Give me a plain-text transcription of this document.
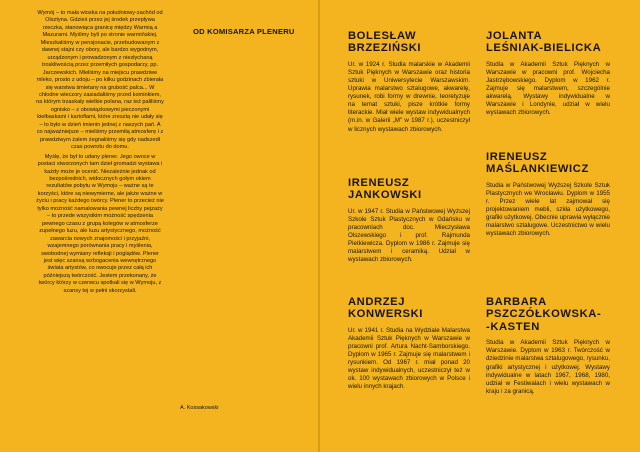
Wymój – to mała wioska na południowy-zachód od Olsztyna. Gdzieś przez jej środek przepływa rzeczka, stanowiąca granicę między Warmią a Mazurami. Myślmy byli po stronie warmińskiej. Mieszkaliśmy w pensjonacie, przebudowanym z dawnej stajni czy obory, ale bardzo wygodnym, urządzonym i prowadzonym z niezłychaną troskliwością przez przemiłych gospodarzy, pp. Jarczewskich. Mieliśmy na miejscu prawdziwe mleko, prosto z udoju – po kilku godzinach zbierała się warstwa śmietany na grubość palca... W chłodne wieczory zasiadaliśmy przed kominkiem, na którym trzaskały wielkie polana, raz też paliliśmy ognisko – z obowiązkowymi pieczonymi kiełbaskami i kartoflami, które zresztą nie udały się – to było w dzień imienin jednej z naszych pań. A co najważniejsze – mieliśmy przemiłą atmosferę i z prawdziwym żalem żegnaliśmy się gdy nadszedł czas powrotu do domu.

Myślę, że był to udany plener. Jego owoce w postaci stworzonych tam dzieł gromadzi wystawa i każdy może je ocenić. Niezależnie jednak od bezpośrednich, widocznych gołym okiem rezultatów pobytu w Wymoju – ważne są te korzyści, które są niewymierne, ale jakże ważne w życiu i pracy każdego twórcy. Plener to przecież nie tylko możność namalowania pewnej liczby pejzaży – to przede wszystkim możność spędzenia pewnego czasu z grupą kolegów w atmosferze zupełnego luzu, ale luzu artystycznego, możność zawarcia nowych znajomości i przyjaźni, wzajemnego porównania pracy i myślenia, swobodnej wymiany refleksji i poglądów. Plener jest więc szansą wzbogacenia wewnętrznego świata artystów, co owocuje przez całą ich późniejszą twórczość. Jestem przekonany, że twórcy którzy w czerwcu spotkali się w Wymoju, z szansy tej w pełni skorzystali.

OD KOMISARZA PLENERU
A. Kossakowski
BOLESŁAW
BRZEZIŃSKI
Ur. w 1924 r. Studia malarskie w Akademii Sztuk Pięknych w Warszawie oraz historia sztuki w Uniwersytecie Warszawskim. Uprawia malarstwo sztalugowe, akwarelę, rysunek, robi formy w drewnie, teoretyzuje na temat sztuki, pisze krótkie formy literackie. Miał wiele wystaw indywidualnych (m.in. w Galerii „M" w 1987 r.), uczestniczył w licznych wystawach zbiorowych.
IRENEUSZ
JANKOWSKI
Ur. w 1947 r. Studia w Państwowej Wyższej Szkole Sztuk Plastycznych w Gdańsku w pracowniach doc. Mieczysława Olszewskiego i prof. Rajmunda Pietkiewicza. Dyplom w 1986 r. Zajmuje się malarstwem i ceramiką. Udział w wystawach zbiorowych.
ANDRZEJ
KONWERSKI
Ur. w 1941 r. Studia na Wydziale Malarstwa Akademii Sztuk Pięknych w Warszawie w pracowni prof. Artura Nacht-Samborskiego. Dyplom w 1965 r. Zajmuje się malarstwem i rysunkiem. Od 1967 r. miał ponad 20 wystaw indywidualnych, uczestniczył też w ok. 100 wystawach zbiorowych w Polsce i wielu innych krajach.
JOLANTA
LEŚNIAK-BIELICKA
Studia w Akademii Sztuk Pięknych w Warszawie w pracowni prof. Wojciecha Jastrzębowskiego. Dyplom w 1962 r. Zajmuje się malarstwem, szczególnie akwarelą. Wystawy indywidualne w Warszawie i Londynie, udział w wielu wystawach zbiorowych.
IRENEUSZ
MAŚLANKIEWICZ
Studia w Państwowej Wyższej Szkole Sztuk Plastycznych we Wrocławiu. Dyplom w 1955 r. Przez wiele lat zajmował się projektowaniem mebli, szkła użytkowego, grafiki użytkowej. Obecnie uprawia wyłącznie malarstwo sztalugowe. Uczestnictwo w wielu wystawach zbiorowych.
BARBARA
PSZCZÓŁKOWSKA-
-KASTEN
Studia w Akademii Sztuk Pięknych w Warszawie. Dyplom w 1963 r. Twórczość w dziedzinie malarstwa sztalugowego, rysunku, grafiki artystycznej i użytkowej. Wystawy indywidualne w latach 1967, 1968, 1980, udział w Festiwalach i wielu wystawach w kraju i za granicą.
